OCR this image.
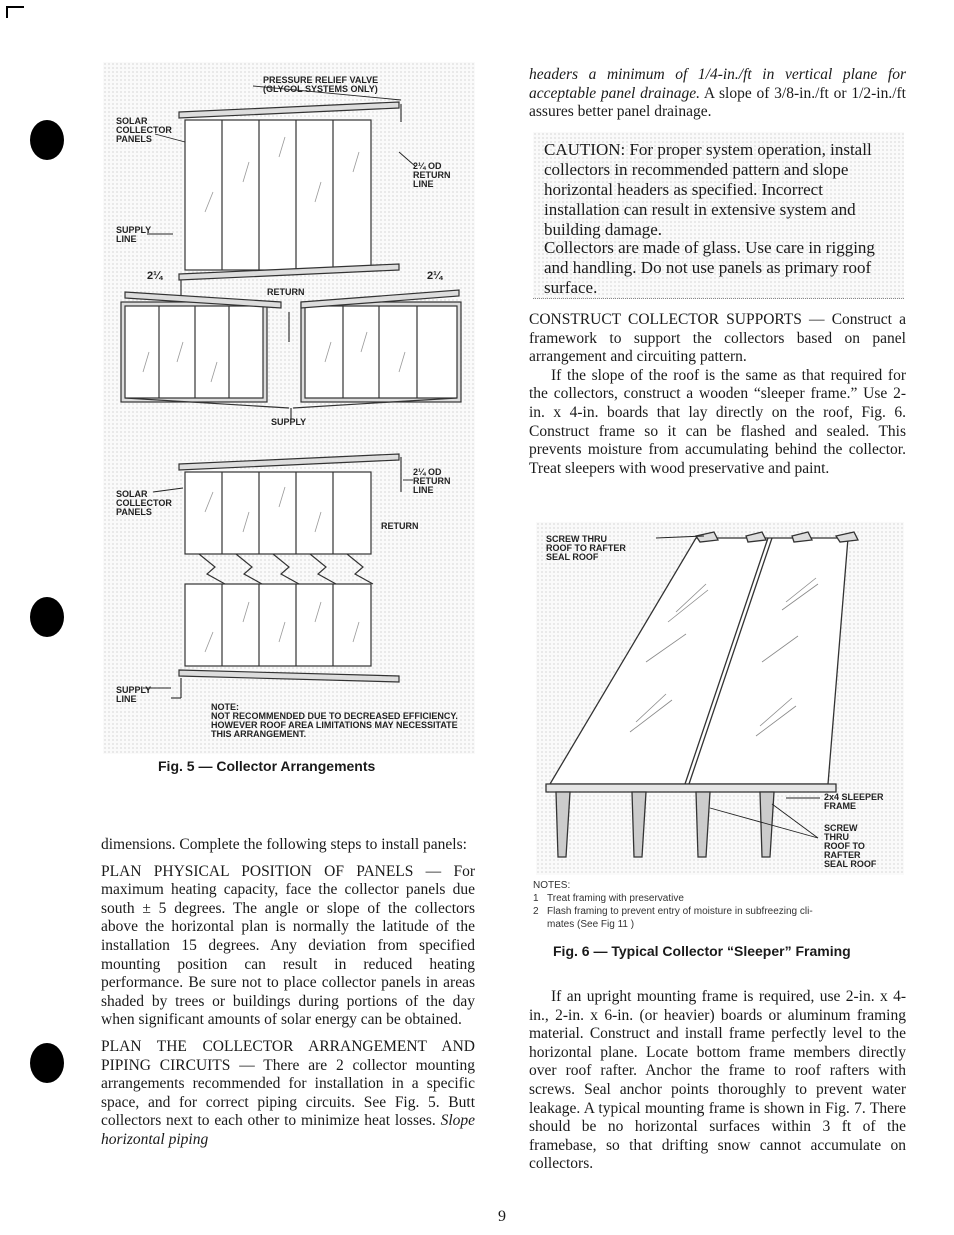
PRESSURE RELIEF VALVE
(GLYCOL SYSTEMS ONLY)
SOLAR
COLLECTOR
PANELS
2¼ OD
RETURN
LINE
SUPPLY
LINE
2¼	2¼
RETURN
SUPPLY
SOLAR
COLLECTOR
PANELS
2¼ OD
RETURN
LINE
RETURN
SUPPLY
LINE
NOTE:
NOT RECOMMENDED DUE TO DECREASED EFFICIENCY.
HOWEVER ROOF AREA LIMITATIONS MAY NECESSITATE
THIS ARRANGEMENT.
Fig. 5 — Collector Arrangements

dimensions. Complete the following steps to install panels:

PLAN PHYSICAL POSITION OF PANELS — For maximum heating capacity, face the collector panels due south ± 5 degrees. The angle or slope of the collectors above the horizontal plan is normally the latitude of the installation 15 degrees. Any deviation from specified mounting position can result in reduced heating performance. Be sure not to place collector panels in areas shaded by trees or buildings during portions of the day when significant amounts of solar energy can be obtained.

PLAN THE COLLECTOR ARRANGEMENT AND PIPING CIRCUITS — There are 2 collector mounting arrangements recommended for installation in a specific space, and for correct piping circuits. See Fig. 5. Butt collectors next to each other to minimize heat losses. Slope horizontal piping

headers a minimum of 1/4-in./ft in vertical plane for acceptable panel drainage. A slope of 3/8-in./ft or 1/2-in./ft assures better panel drainage.

CAUTION: For proper system operation, install collectors in recommended pattern and slope horizontal headers as specified. Incorrect installation can result in extensive system and building damage.
Collectors are made of glass. Use care in rigging and handling. Do not use panels as primary roof surface.

CONSTRUCT COLLECTOR SUPPORTS — Construct a framework to support the collectors based on panel arrangement and circuiting pattern.

If the slope of the roof is the same as that required for the collectors, construct a wooden “sleeper frame.” Use 2-in. x 4-in. boards that lay directly on the roof, Fig. 6. Construct frame so it can be flashed and sealed. This prevents moisture from accumulating behind the collector. Treat sleepers with wood preservative and paint.

SCREW THRU
ROOF TO RAFTER
SEAL ROOF
2x4 SLEEPER
FRAME
SCREW
THRU
ROOF TO
RAFTER
SEAL ROOF
NOTES:
1 Treat framing with preservative
2 Flash framing to prevent entry of moisture in subfreezing cli-
mates (See Fig 11 )
Fig. 6 — Typical Collector “Sleeper” Framing

If an upright mounting frame is required, use 2-in. x 4-in., 2-in. x 6-in. (or heavier) boards or aluminum framing material. Construct and install frame perfectly level to the horizontal plane. Locate bottom frame members directly over roof rafter. Anchor the frame to roof rafters with screws. Seal anchor points thoroughly to prevent water leakage. A typical mounting frame is shown in Fig. 7. There should be no horizontal surfaces within 3 ft of the framebase, so that drifting snow cannot accumulate on collectors.

9
